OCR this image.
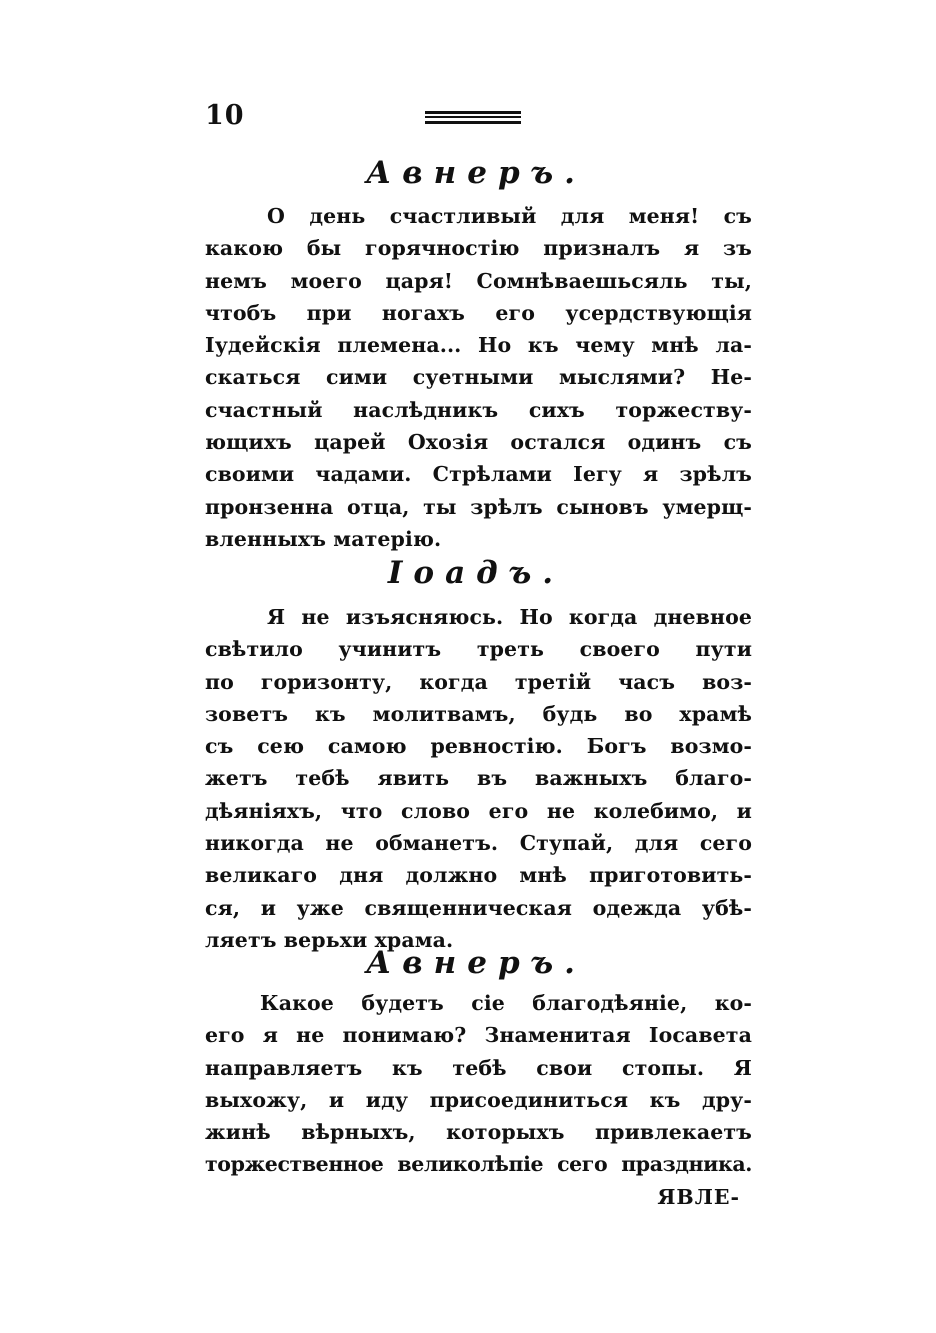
10
Авнеръ.
О день счастливый для меня! съ
какою бы горячностію призналъ я зъ
немъ моего царя! Сомнѣваешьсяль ты,
чтобъ при ногахъ его усердствующія
Іудейскія племена... Но къ чему мнѣ ла-
скаться сими суетными мыслями? Не-
счастный наслѣдникъ сихъ торжеству-
ющихъ царей Охозія остался одинъ съ
своими чадами. Стрѣлами Іегу я зрѣлъ
пронзенна отца, ты зрѣлъ сыновъ умерщ-
вленныхъ матерію.
Іоадъ.
Я не изъясняюсь. Но когда дневное
свѣтило учинитъ треть своего пути
по горизонту, когда третій часъ воз-
зоветъ къ молитвамъ, будь во храмѣ
съ сею самою ревностію. Богъ возмо-
жетъ тебѣ явить въ важныхъ благо-
дѣяніяхъ, что слово его не колебимо, и
никогда не обманетъ. Ступай, для сего
великаго дня должно мнѣ приготовить-
ся, и уже священническая одежда убѣ-
ляетъ верьхи храма.
Авнеръ.
Какое будетъ сіе благодѣяніе, ко-
его я не понимаю? Знаменитая Іосавета
направляетъ къ тебѣ свои стопы. Я
выхожу, и иду присоединиться къ дру-
жинѣ вѣрныхъ, которыхъ привлекаетъ
торжественное великолѣпіе сего праздника.
ЯВЛЕ-
